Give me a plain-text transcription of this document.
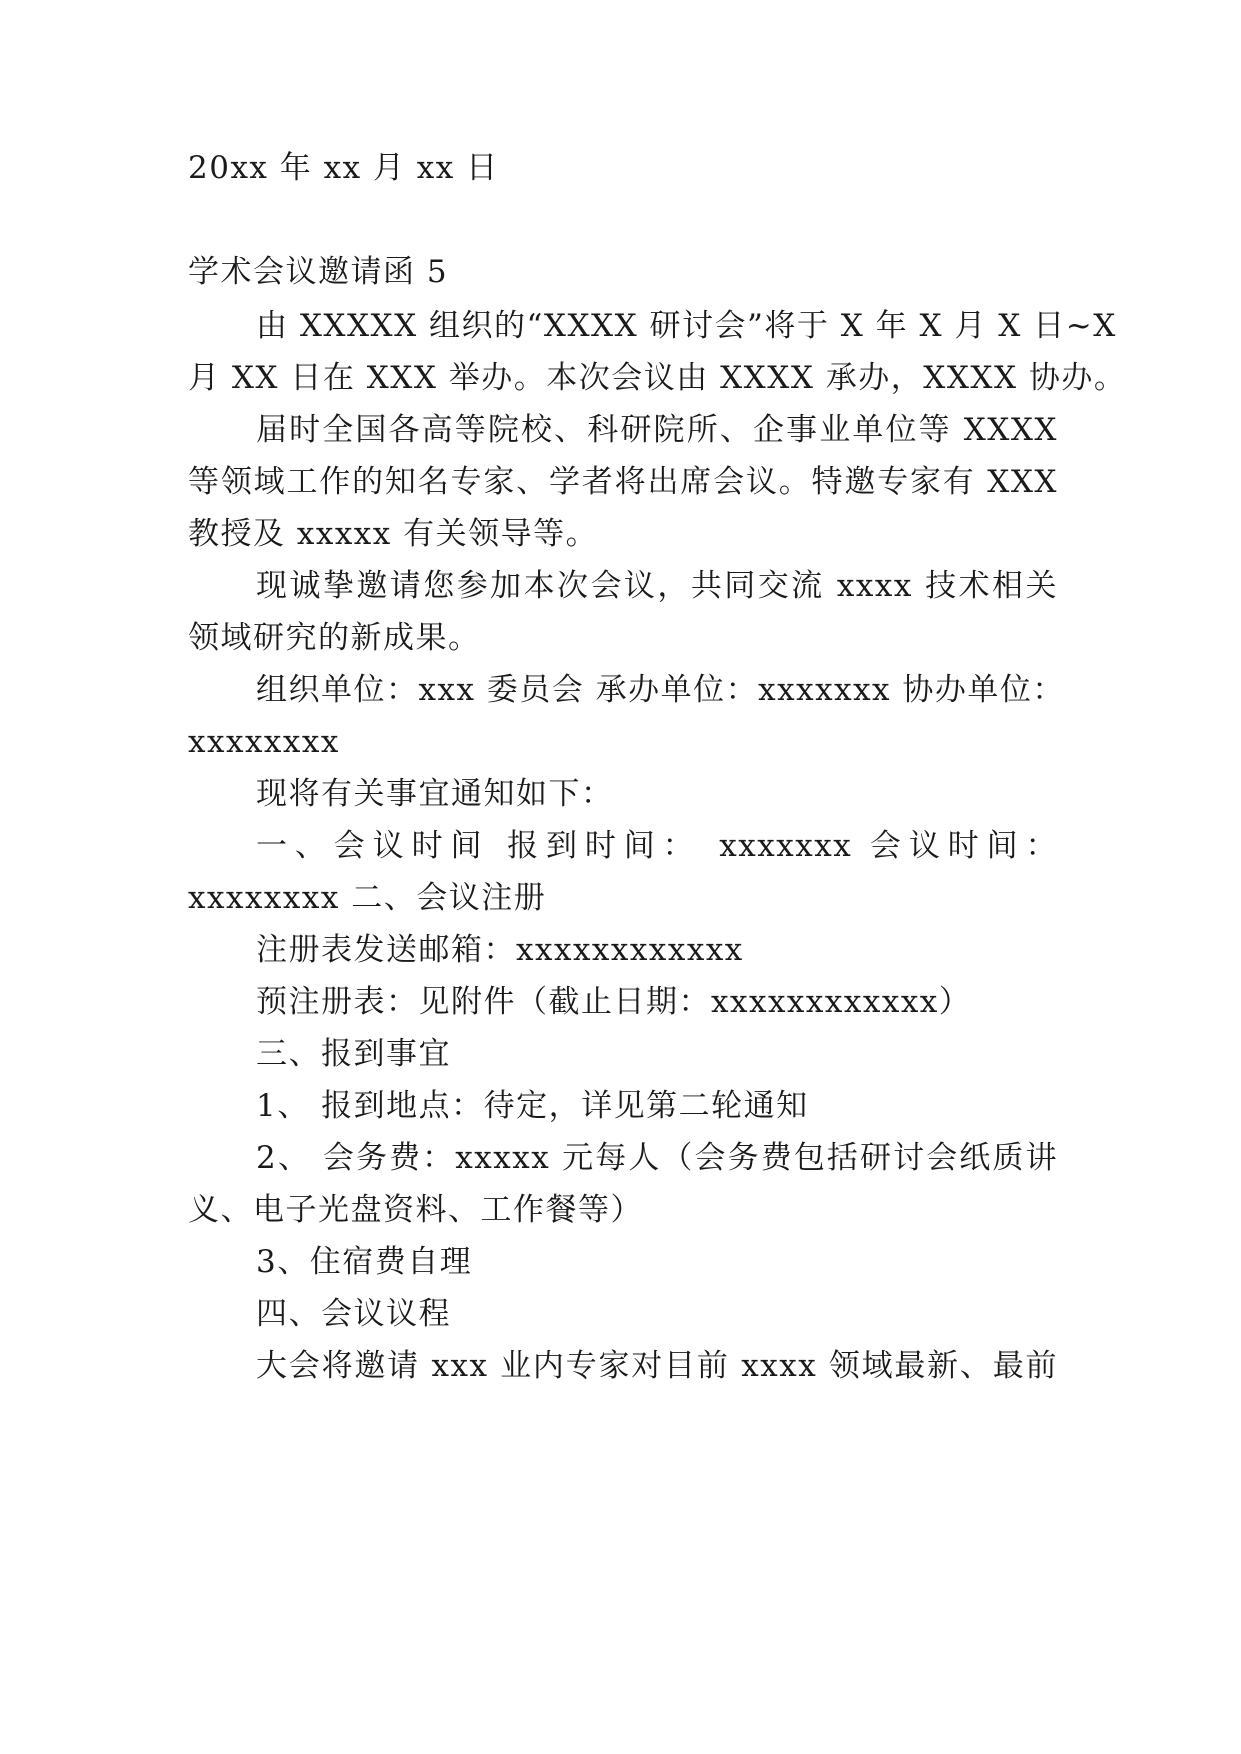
20xx 年 xx 月 xx 日
学术会议邀请函 5
由 XXXXX 组织的“XXXX 研讨会”将于 X 年 X 月 X 日~X
月 XX 日在 XXX 举办。本次会议由 XXXX 承办，XXXX 协办。
届时全国各高等院校、科研院所、企事业单位等 XXXX
等领域工作的知名专家、学者将出席会议。特邀专家有 XXX
教授及 xxxxx 有关领导等。
现诚挚邀请您参加本次会议，共同交流 xxxx 技术相关
领域研究的新成果。
组织单位：xxx 委员会 承办单位：xxxxxxx 协办单位：
xxxxxxxx
现将有关事宜通知如下：
一、会议时间 报到时间： xxxxxxx 会议时间：
xxxxxxxx 二、会议注册
注册表发送邮箱：xxxxxxxxxxxx
预注册表：见附件（截止日期：xxxxxxxxxxxx）
三、报到事宜
1、 报到地点：待定，详见第二轮通知
2、 会务费：xxxxx 元每人（会务费包括研讨会纸质讲
义、电子光盘资料、工作餐等）
3、住宿费自理
四、会议议程
大会将邀请 xxx 业内专家对目前 xxxx 领域最新、最前
